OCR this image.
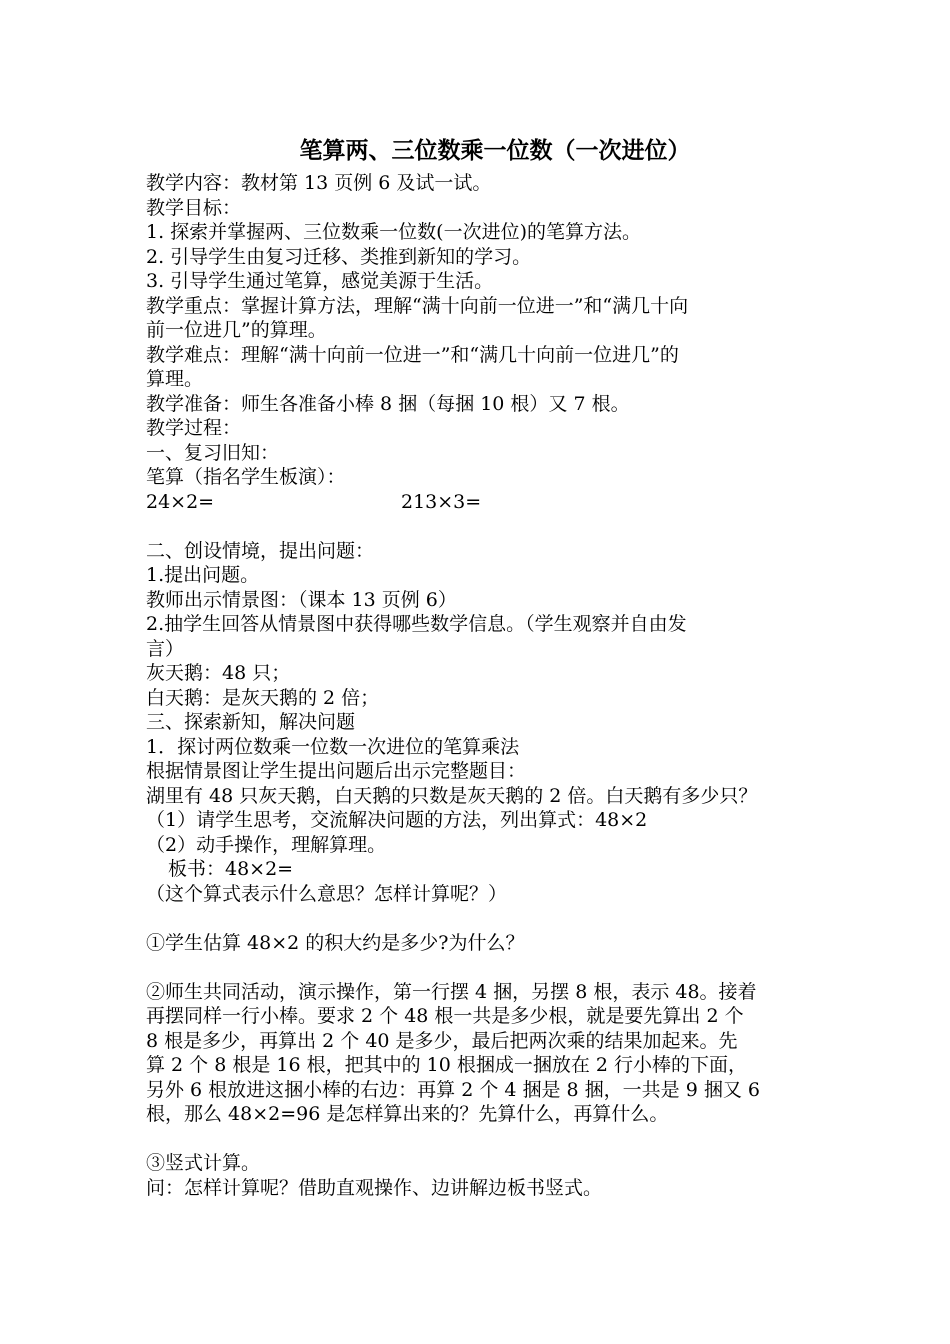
笔算两、三位数乘一位数（一次进位）
教学内容：教材第 13 页例 6 及试一试。
教学目标：
1. 探索并掌握两、三位数乘一位数(一次进位)的笔算方法。
2. 引导学生由复习迁移、类推到新知的学习。
3. 引导学生通过笔算，感觉美源于生活。
教学重点：掌握计算方法，理解“满十向前一位进一”和“满几十向
前一位进几”的算理。
教学难点：理解“满十向前一位进一”和“满几十向前一位进几”的
算理。
教学准备：师生各准备小棒 8 捆（每捆 10 根）又 7 根。
教学过程：
一、复习旧知：
笔算（指名学生板演）：
24×2=	213×3=
二、创设情境，提出问题：
1.提出问题。
教师出示情景图：（课本 13 页例 6）
2.抽学生回答从情景图中获得哪些数学信息。（学生观察并自由发
言）
灰天鹅：48 只；
白天鹅：是灰天鹅的 2 倍；
三、探索新知，解决问题
1．探讨两位数乘一位数一次进位的笔算乘法
根据情景图让学生提出问题后出示完整题目：
湖里有 48 只灰天鹅，白天鹅的只数是灰天鹅的 2 倍。白天鹅有多少只？
（1）请学生思考，交流解决问题的方法，列出算式：48×2
（2）动手操作，理解算理。
板书：48×2=
（这个算式表示什么意思？怎样计算呢？）
①学生估算 48×2 的积大约是多少?为什么？
②师生共同活动，演示操作，第一行摆 4 捆，另摆 8 根，表示 48。接着
再摆同样一行小棒。要求 2 个 48 根一共是多少根，就是要先算出 2 个
8 根是多少，再算出 2 个 40 是多少，最后把两次乘的结果加起来。先
算 2 个 8 根是 16 根，把其中的 10 根捆成一捆放在 2 行小棒的下面，
另外 6 根放进这捆小棒的右边：再算 2 个 4 捆是 8 捆，一共是 9 捆又 6
根，那么 48×2=96 是怎样算出来的？先算什么，再算什么。
③竖式计算。
问：怎样计算呢？借助直观操作、边讲解边板书竖式。
